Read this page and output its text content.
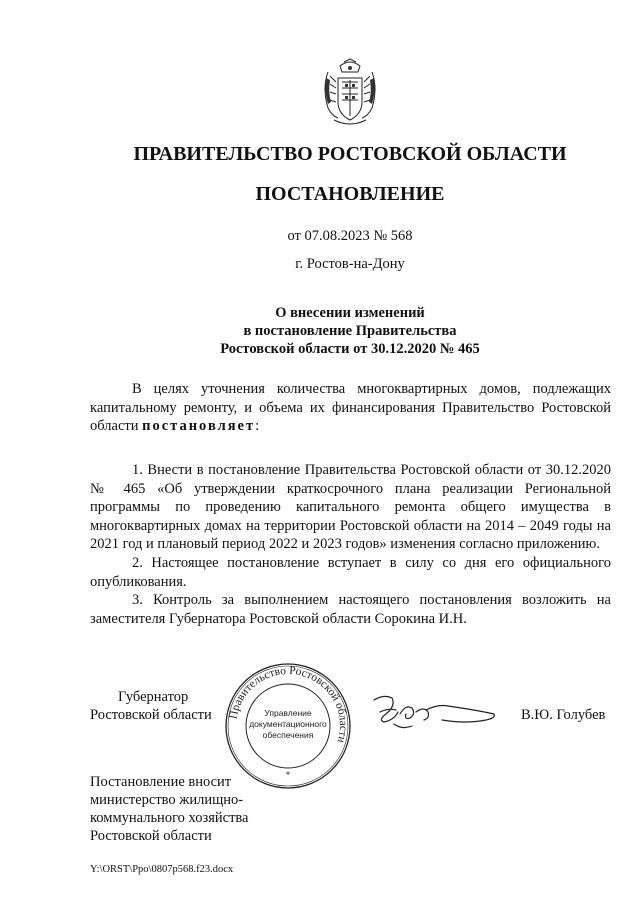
ПРАВИТЕЛЬСТВО РОСТОВСКОЙ ОБЛАСТИ
ПОСТАНОВЛЕНИЕ
от 07.08.2023 № 568
г. Ростов-на-Дону
О внесении изменений
в постановление Правительства
Ростовской области от 30.12.2020 № 465

В целях уточнения количества многоквартирных домов, подлежащих капитальному ремонту, и объема их финансирования Правительство Ростовской области постановляет:

1. Внести в постановление Правительства Ростовской области от 30.12.2020 № 465 «Об утверждении краткосрочного плана реализации Региональной программы по проведению капитального ремонта общего имущества в многоквартирных домах на территории Ростовской области на 2014 – 2049 годы на 2021 год и плановый период 2022 и 2023 годов» изменения согласно приложению.

2. Настоящее постановление вступает в силу со дня его официального опубликования.

3. Контроль за выполнением настоящего постановления возложить на заместителя Губернатора Ростовской области Сорокина И.Н.

Губернатор
Ростовской области Правительство Ростовской области
Управление
документационного
обеспечения
*
В.Ю. Голубев
Постановление вносит
министерство жилищно-
коммунального хозяйства
Ростовской области
Y:\ORST\Ppo\0807p568.f23.docx
